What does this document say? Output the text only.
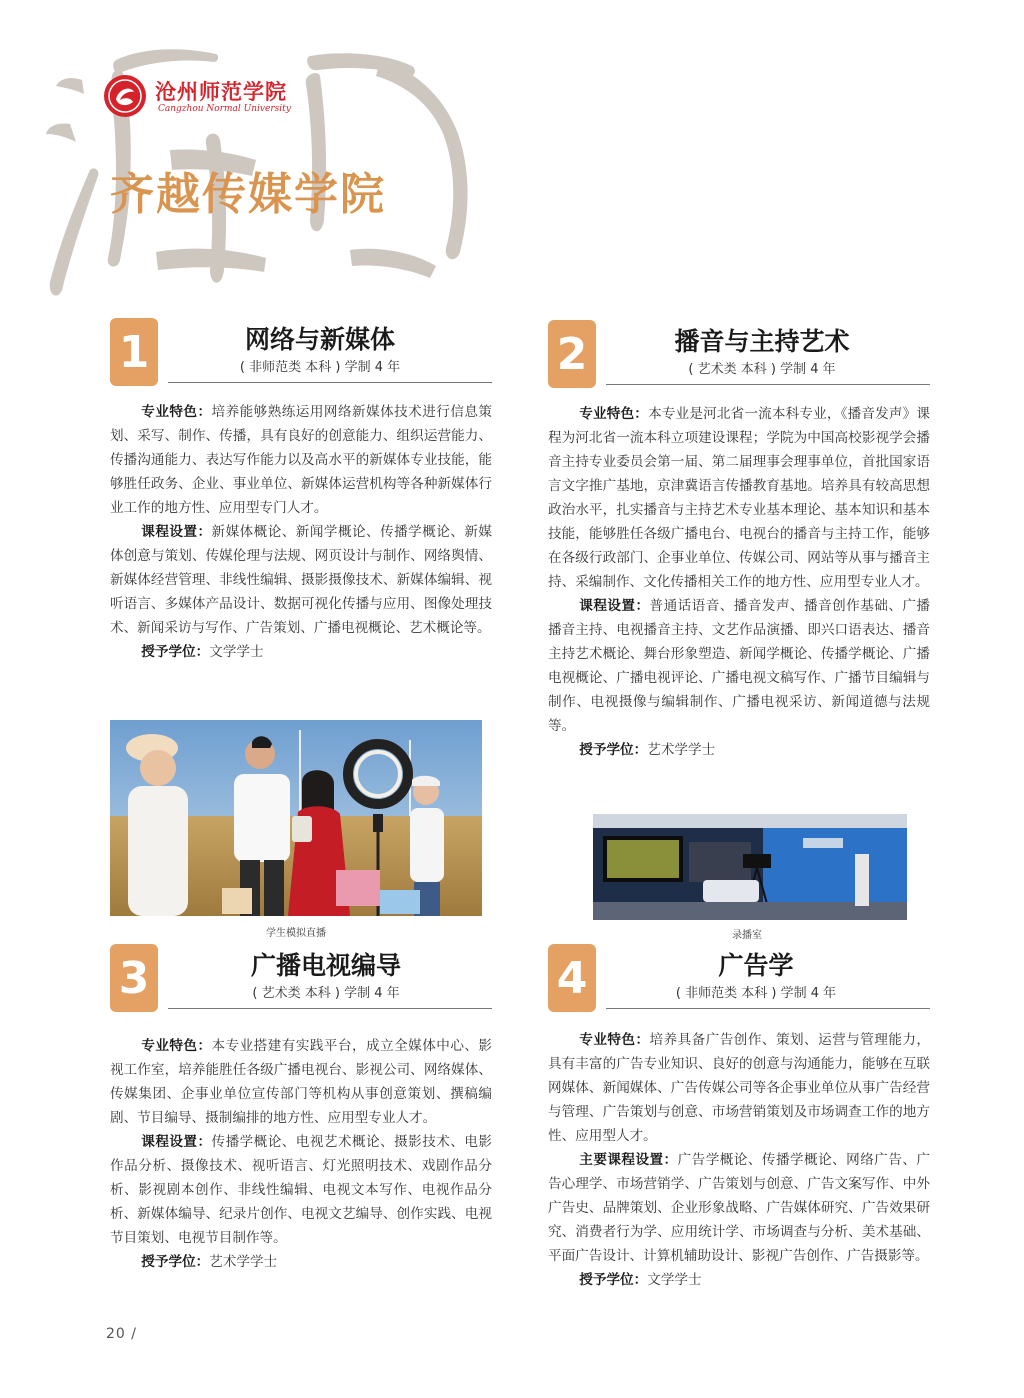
沧州师范学院
Cangzhou Normal University
齐越传媒学院
1	网络与新媒体
( 非师范类 本科 ) 学制 4 年

专业特色：培养能够熟练运用网络新媒体技术进行信息策划、采写、制作、传播，具有良好的创意能力、组织运营能力、传播沟通能力、表达写作能力以及高水平的新媒体专业技能，能够胜任政务、企业、事业单位、新媒体运营机构等各种新媒体行业工作的地方性、应用型专门人才。

课程设置：新媒体概论、新闻学概论、传播学概论、新媒体创意与策划、传媒伦理与法规、网页设计与制作、网络舆情、新媒体经营管理、非线性编辑、摄影摄像技术、新媒体编辑、视听语言、多媒体产品设计、数据可视化传播与应用、图像处理技术、新闻采访与写作、广告策划、广播电视概论、艺术概论等。

授予学位：文学学士

学生模拟直播
3	广播电视编导
( 艺术类 本科 ) 学制 4 年

专业特色：本专业搭建有实践平台，成立全媒体中心、影视工作室，培养能胜任各级广播电视台、影视公司、网络媒体、传媒集团、企事业单位宣传部门等机构从事创意策划、撰稿编剧、节目编导、摄制编排的地方性、应用型专业人才。

课程设置：传播学概论、电视艺术概论、摄影技术、电影作品分析、摄像技术、视听语言、灯光照明技术、戏剧作品分析、影视剧本创作、非线性编辑、电视文本写作、电视作品分析、新媒体编导、纪录片创作、电视文艺编导、创作实践、电视节目策划、电视节目制作等。

授予学位：艺术学学士

2	播音与主持艺术
( 艺术类 本科 ) 学制 4 年

专业特色：本专业是河北省一流本科专业，《播音发声》课程为河北省一流本科立项建设课程；学院为中国高校影视学会播音主持专业委员会第一届、第二届理事会理事单位，首批国家语言文字推广基地，京津冀语言传播教育基地。培养具有较高思想政治水平，扎实播音与主持艺术专业基本理论、基本知识和基本技能，能够胜任各级广播电台、电视台的播音与主持工作，能够在各级行政部门、企事业单位、传媒公司、网站等从事与播音主持、采编制作、文化传播相关工作的地方性、应用型专业人才。

课程设置：普通话语音、播音发声、播音创作基础、广播播音主持、电视播音主持、文艺作品演播、即兴口语表达、播音主持艺术概论、舞台形象塑造、新闻学概论、传播学概论、广播电视概论、广播电视评论、广播电视文稿写作、广播节目编辑与制作、电视摄像与编辑制作、广播电视采访、新闻道德与法规等。

授予学位：艺术学学士

录播室
4	广告学
( 非师范类 本科 ) 学制 4 年

专业特色：培养具备广告创作、策划、运营与管理能力，具有丰富的广告专业知识、良好的创意与沟通能力，能够在互联网媒体、新闻媒体、广告传媒公司等各企事业单位从事广告经营与管理、广告策划与创意、市场营销策划及市场调查工作的地方性、应用型人才。

主要课程设置：广告学概论、传播学概论、网络广告、广告心理学、市场营销学、广告策划与创意、广告文案写作、中外广告史、品牌策划、企业形象战略、广告媒体研究、广告效果研究、消费者行为学、应用统计学、市场调查与分析、美术基础、平面广告设计、计算机辅助设计、影视广告创作、广告摄影等。

授予学位：文学学士

20 /
